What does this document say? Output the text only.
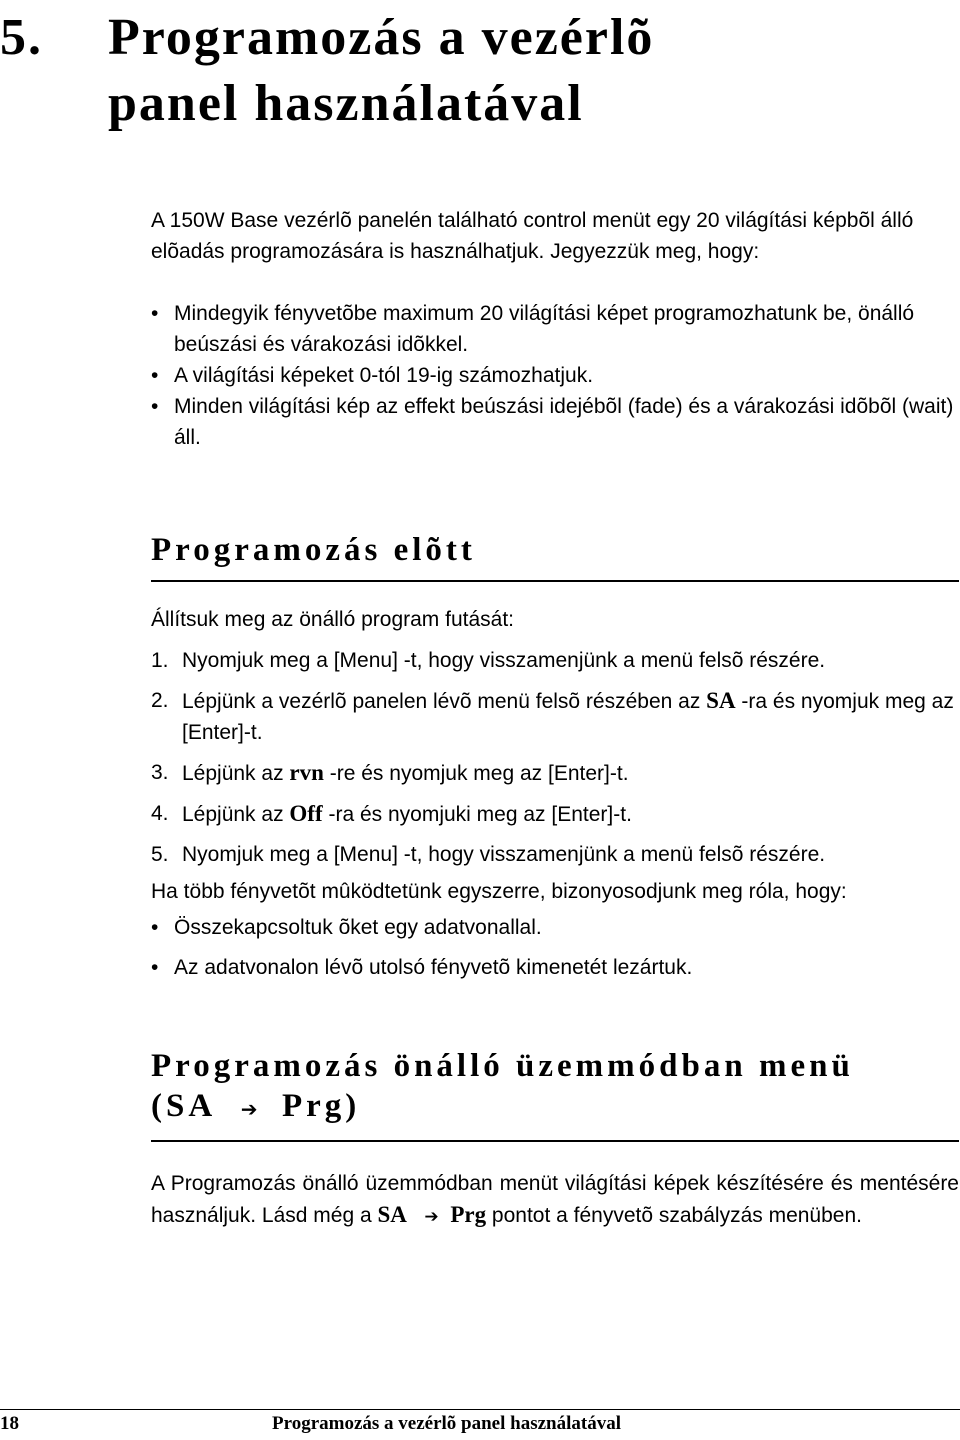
5. Programozás a vezérlõ
panel használatával
A 150W Base vezérlõ panelén található control menüt egy 20 világítási képbõl álló elõadás programozására is használhatjuk. Jegyezzük meg, hogy:
• Mindegyik fényvetõbe maximum 20 világítási képet programozhatunk be, önálló beúszási és várakozási idõkkel.
• A világítási képeket 0-tól 19-ig számozhatjuk.
• Minden világítási kép az effekt beúszási idejébõl (fade) és a várakozási idõbõl (wait) áll.
Programozás elõtt
Állítsuk meg az önálló program futását:
1. Nyomjuk meg a [Menu] -t, hogy visszamenjünk a menü felsõ részére.
2. Lépjünk a vezérlõ panelen lévõ menü felsõ részében az SA -ra és nyomjuk meg az [Enter]-t.
3. Lépjünk az rvn -re és nyomjuk meg az [Enter]-t.
4. Lépjünk az Off -ra és nyomjuki meg az [Enter]-t.
5. Nyomjuk meg a [Menu] -t, hogy visszamenjünk a menü felsõ részére.
Ha több fényvetõt mûködtetünk egyszerre, bizonyosodjunk meg róla, hogy:
• Összekapcsoltuk õket egy adatvonallal.
• Az adatvonalon lévõ utolsó fényvetõ kimenetét lezártuk.
Programozás önálló üzemmódban menü
(SA ➔ Prg)
A Programozás önálló üzemmódban menüt világítási képek készítésére és mentésére használjuk. Lásd még a SA ➔ Prg pontot a fényvetõ szabályzás menüben.
18	Programozás a vezérlõ panel használatával
